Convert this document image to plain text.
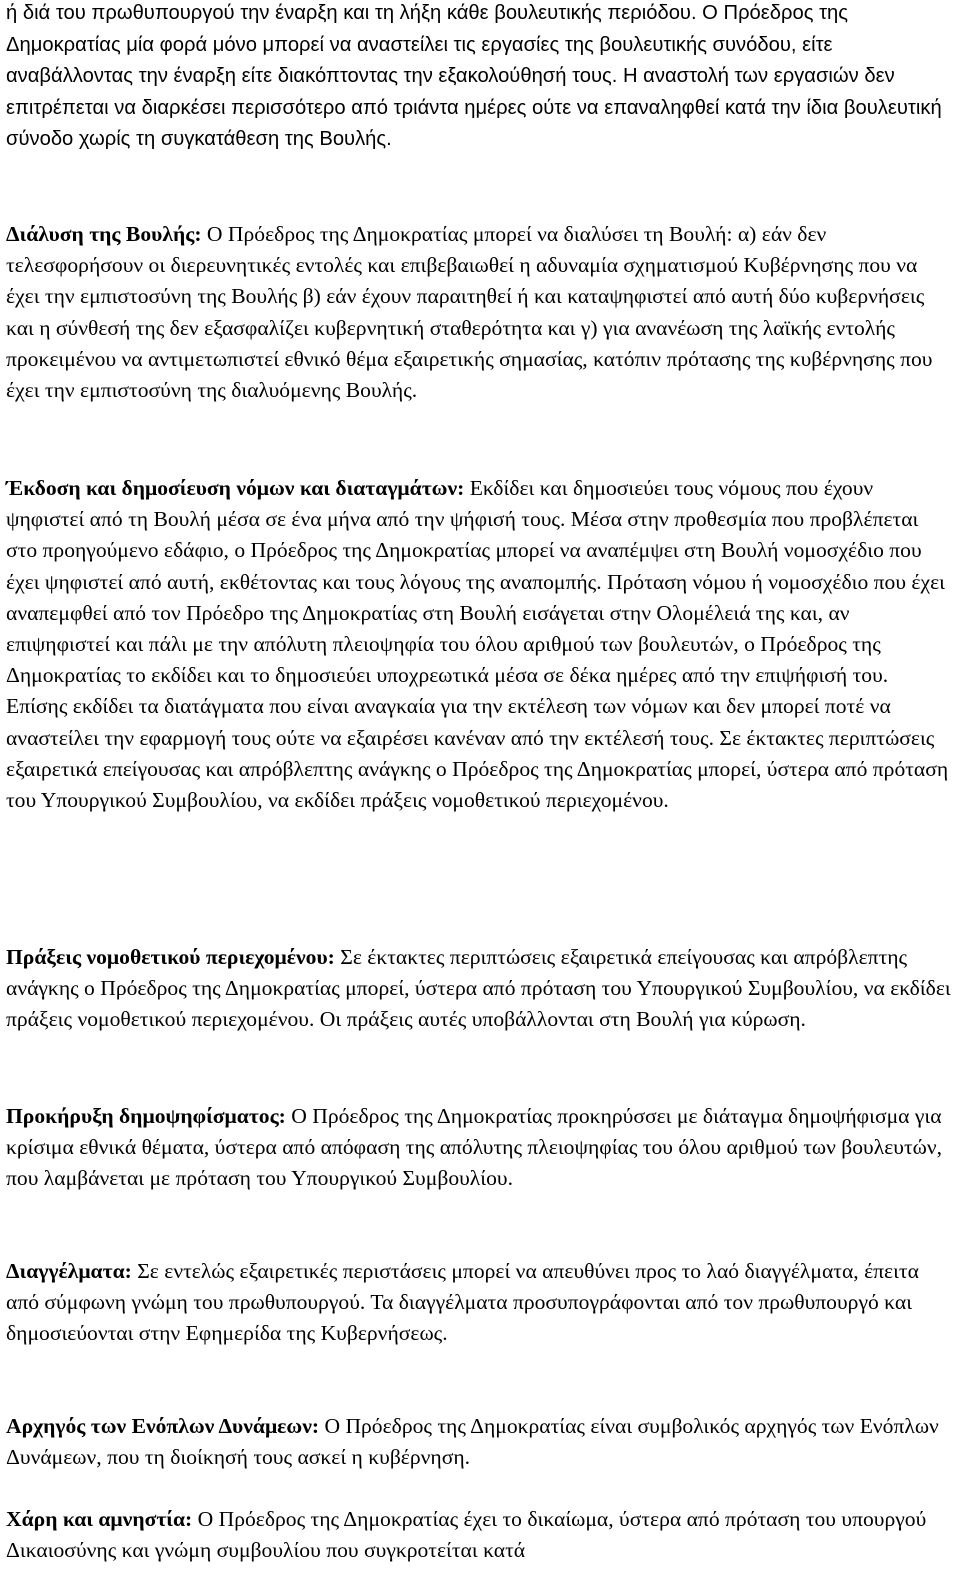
ή διά του πρωθυπουργού την έναρξη και τη λήξη κάθε βουλευτικής περιόδου. Ο Πρόεδρος της Δημοκρατίας μία φορά μόνο μπορεί να αναστείλει τις εργασίες της βουλευτικής συνόδου, είτε αναβάλλοντας την έναρξη είτε διακόπτοντας την εξακολούθησή τους. Η αναστολή των εργασιών δεν επιτρέπεται να διαρκέσει περισσότερο από τριάντα ημέρες ούτε να επαναληφθεί κατά την ίδια βουλευτική σύνοδο χωρίς τη συγκατάθεση της Βουλής.

Διάλυση της Βουλής: Ο Πρόεδρος της Δημοκρατίας μπορεί να διαλύσει τη Βουλή: α) εάν δεν τελεσφορήσουν οι διερευνητικές εντολές και επιβεβαιωθεί η αδυναμία σχηματισμού Κυβέρνησης που να έχει την εμπιστοσύνη της Βουλής β) εάν έχουν παραιτηθεί ή και καταψηφιστεί από αυτή δύο κυβερνήσεις και η σύνθεσή της δεν εξασφαλίζει κυβερνητική σταθερότητα και γ) για ανανέωση της λαϊκής εντολής προκειμένου να αντιμετωπιστεί εθνικό θέμα εξαιρετικής σημασίας, κατόπιν πρότασης της κυβέρνησης που έχει την εμπιστοσύνη της διαλυόμενης Βουλής.

Έκδοση και δημοσίευση νόμων και διαταγμάτων: Εκδίδει και δημοσιεύει τους νόμους που έχουν ψηφιστεί από τη Βουλή μέσα σε ένα μήνα από την ψήφισή τους. Μέσα στην προθεσμία που προβλέπεται στο προηγούμενο εδάφιο, ο Πρόεδρος της Δημοκρατίας μπορεί να αναπέμψει στη Βουλή νομοσχέδιο που έχει ψηφιστεί από αυτή, εκθέτοντας και τους λόγους της αναπομπής. Πρόταση νόμου ή νομοσχέδιο που έχει αναπεμφθεί από τον Πρόεδρο της Δημοκρατίας στη Βουλή εισάγεται στην Ολομέλειά της και, αν επιψηφιστεί και πάλι με την απόλυτη πλειοψηφία του όλου αριθμού των βουλευτών, ο Πρόεδρος της Δημοκρατίας το εκδίδει και το δημοσιεύει υποχρεωτικά μέσα σε δέκα ημέρες από την επιψήφισή του. Επίσης εκδίδει τα διατάγματα που είναι αναγκαία για την εκτέλεση των νόμων και δεν μπορεί ποτέ να αναστείλει την εφαρμογή τους ούτε να εξαιρέσει κανέναν από την εκτέλεσή τους. Σε έκτακτες περιπτώσεις εξαιρετικά επείγουσας και απρόβλεπτης ανάγκης ο Πρόεδρος της Δημοκρατίας μπορεί, ύστερα από πρόταση του Υπουργικού Συμβουλίου, να εκδίδει πράξεις νομοθετικού περιεχομένου.

Πράξεις νομοθετικού περιεχομένου: Σε έκτακτες περιπτώσεις εξαιρετικά επείγουσας και απρόβλεπτης ανάγκης ο Πρόεδρος της Δημοκρατίας μπορεί, ύστερα από πρόταση του Υπουργικού Συμβουλίου, να εκδίδει πράξεις νομοθετικού περιεχομένου. Οι πράξεις αυτές υποβάλλονται στη Βουλή για κύρωση.

Προκήρυξη δημοψηφίσματος: Ο Πρόεδρος της Δημοκρατίας προκηρύσσει με διάταγμα δημοψήφισμα για κρίσιμα εθνικά θέματα, ύστερα από απόφαση της απόλυτης πλειοψηφίας του όλου αριθμού των βουλευτών, που λαμβάνεται με πρόταση του Υπουργικού Συμβουλίου.

Διαγγέλματα: Σε εντελώς εξαιρετικές περιστάσεις μπορεί να απευθύνει προς το λαό διαγγέλματα, έπειτα από σύμφωνη γνώμη του πρωθυπουργού. Τα διαγγέλματα προσυπογράφονται από τον πρωθυπουργό και δημοσιεύονται στην Εφημερίδα της Κυβερνήσεως.

Αρχηγός των Ενόπλων Δυνάμεων: Ο Πρόεδρος της Δημοκρατίας είναι συμβολικός αρχηγός των Ενόπλων Δυνάμεων, που τη διοίκησή τους ασκεί η κυβέρνηση.

Χάρη και αμνηστία: Ο Πρόεδρος της Δημοκρατίας έχει το δικαίωμα, ύστερα από πρόταση του υπουργού Δικαιοσύνης και γνώμη συμβουλίου που συγκροτείται κατά
